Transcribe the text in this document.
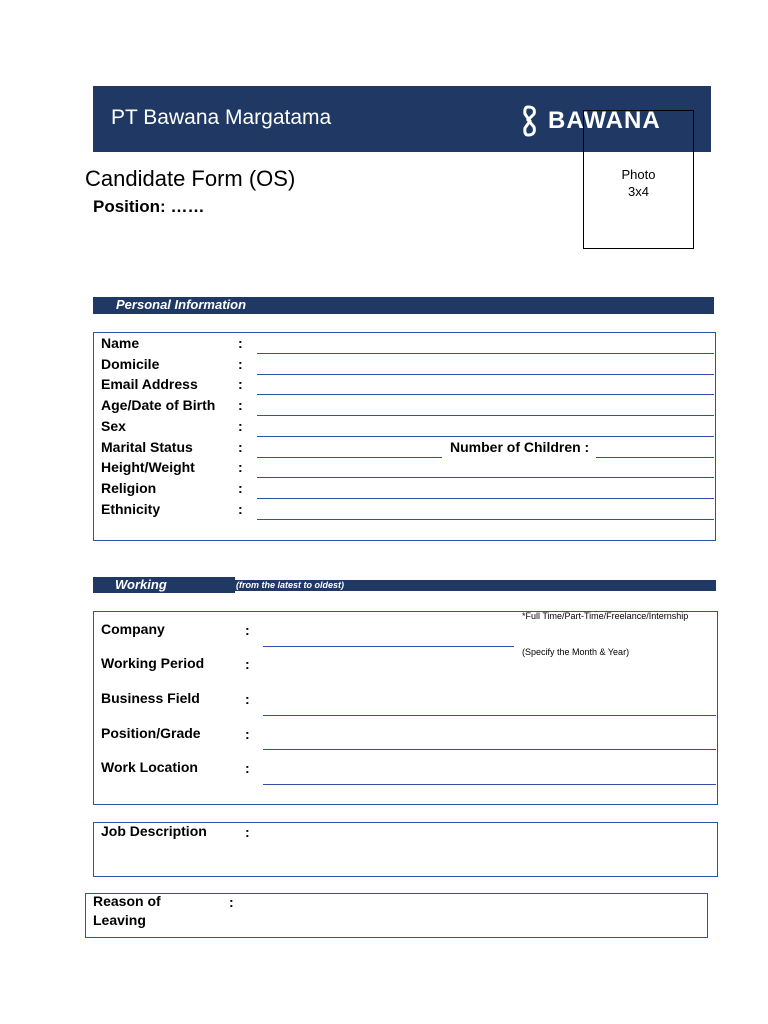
PT Bawana Margatama	BAWANA
Photo
3x4
Candidate Form (OS)
Position: ……
Personal Information
Name
Domicile
Email Address
Age/Date of Birth
Sex
Marital Status
Height/Weight
Religion
Ethnicity
:
:
:
:
:
:
:
:
:
Number of Children :
Working Experience
(from the latest to oldest)
*Full Time/Part-Time/Freelance/Internship
(Specify the Month & Year)
Company
Working Period
Business Field
Position/Grade
Work Location
:
:
:
:
:
Job Description	:
Reason of
Leaving
:
